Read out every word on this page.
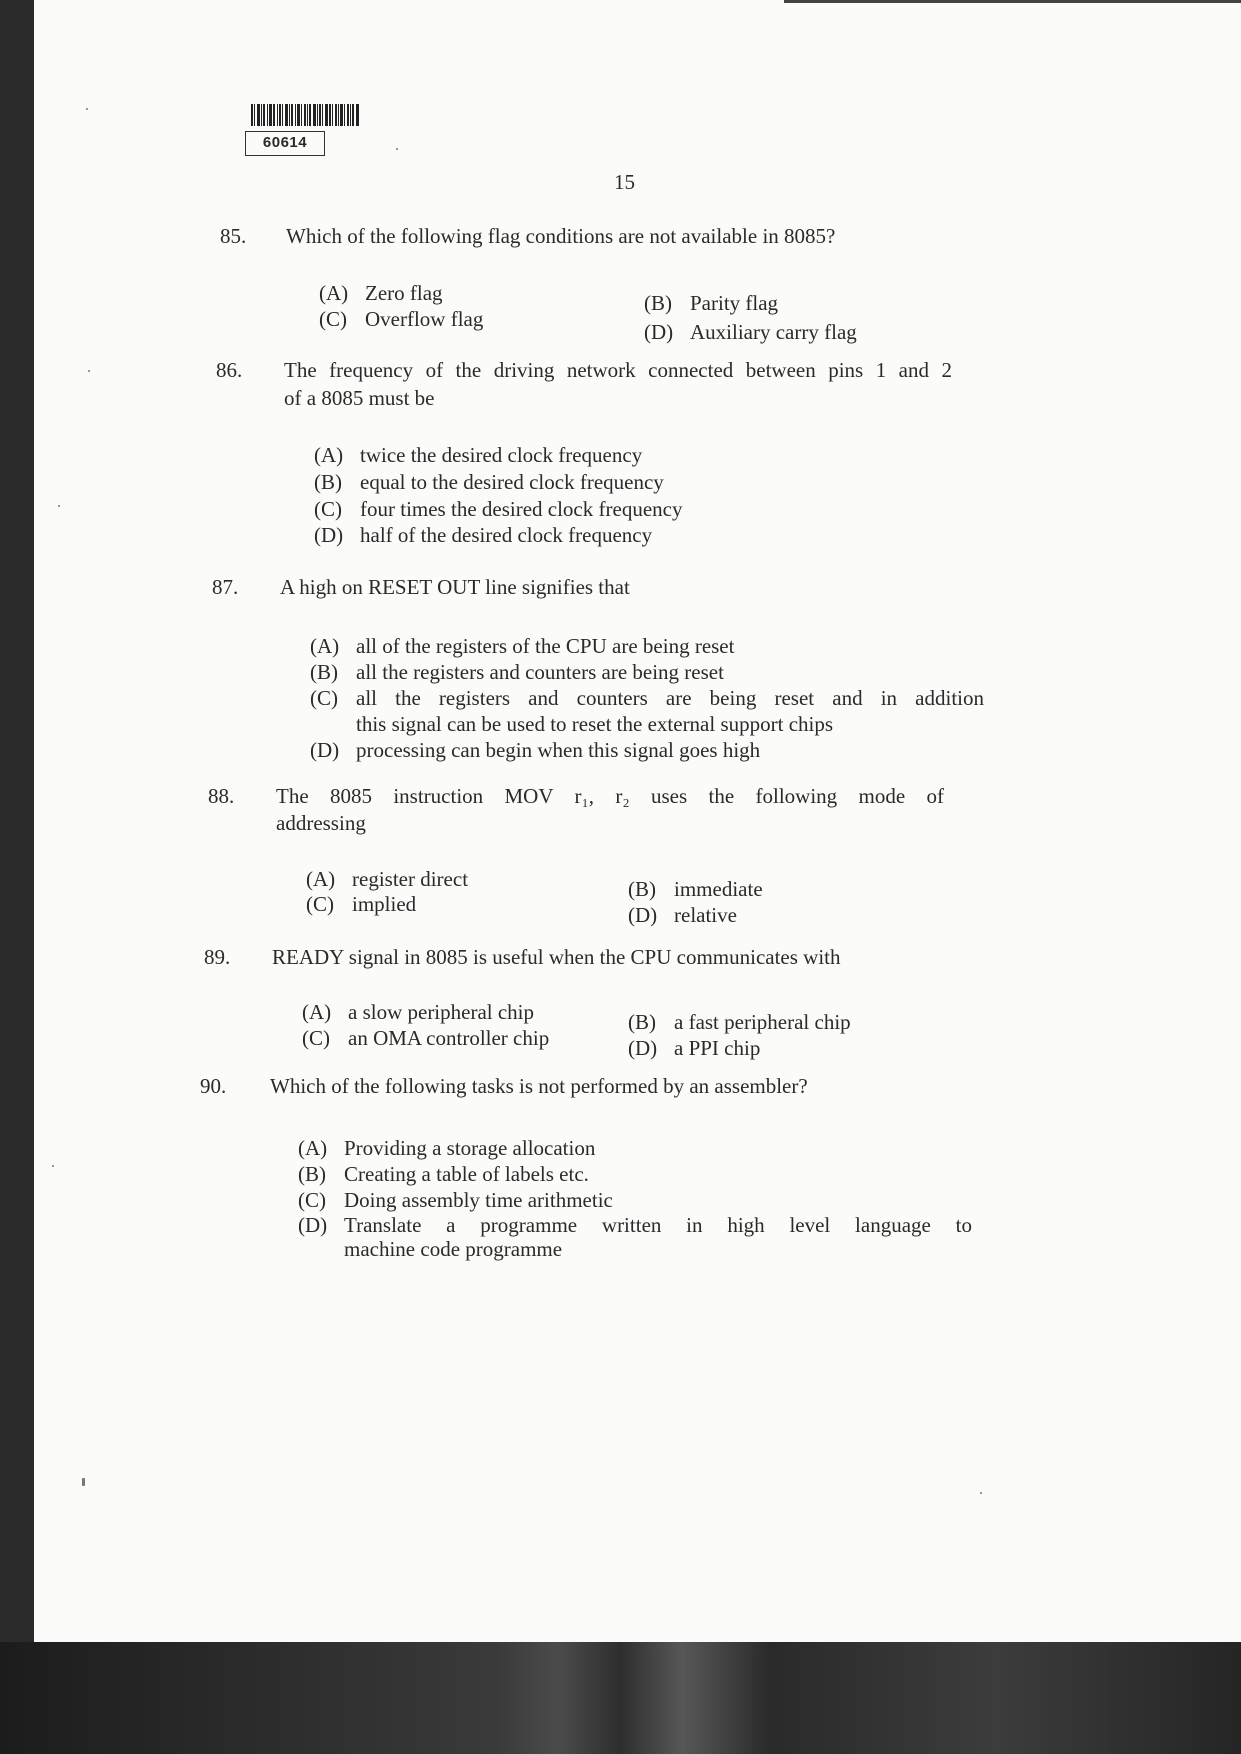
60614
15
85. Which of the following flag conditions are not available in 8085?
(A) Zero flag
(C) Overflow flag
(B) Parity flag
(D) Auxiliary carry flag
86. The frequency of the driving network connected between pins 1 and 2
of a 8085 must be
(A) twice the desired clock frequency
(B) equal to the desired clock frequency
(C) four times the desired clock frequency
(D) half of the desired clock frequency
87. A high on RESET OUT line signifies that
(A) all of the registers of the CPU are being reset
(B) all the registers and counters are being reset
(C) all the registers and counters are being reset and in addition
this signal can be used to reset the external support chips
(D) processing can begin when this signal goes high
88. The 8085 instruction MOV r₁, r₂ uses the following mode of
addressing
(A) register direct
(C) implied
(B) immediate
(D) relative
89. READY signal in 8085 is useful when the CPU communicates with
(A) a slow peripheral chip
(C) an OMA controller chip
(B) a fast peripheral chip
(D) a PPI chip
90. Which of the following tasks is not performed by an assembler?
(A) Providing a storage allocation
(B) Creating a table of labels etc.
(C) Doing assembly time arithmetic
(D) Translate a programme written in high level language to
machine code programme
